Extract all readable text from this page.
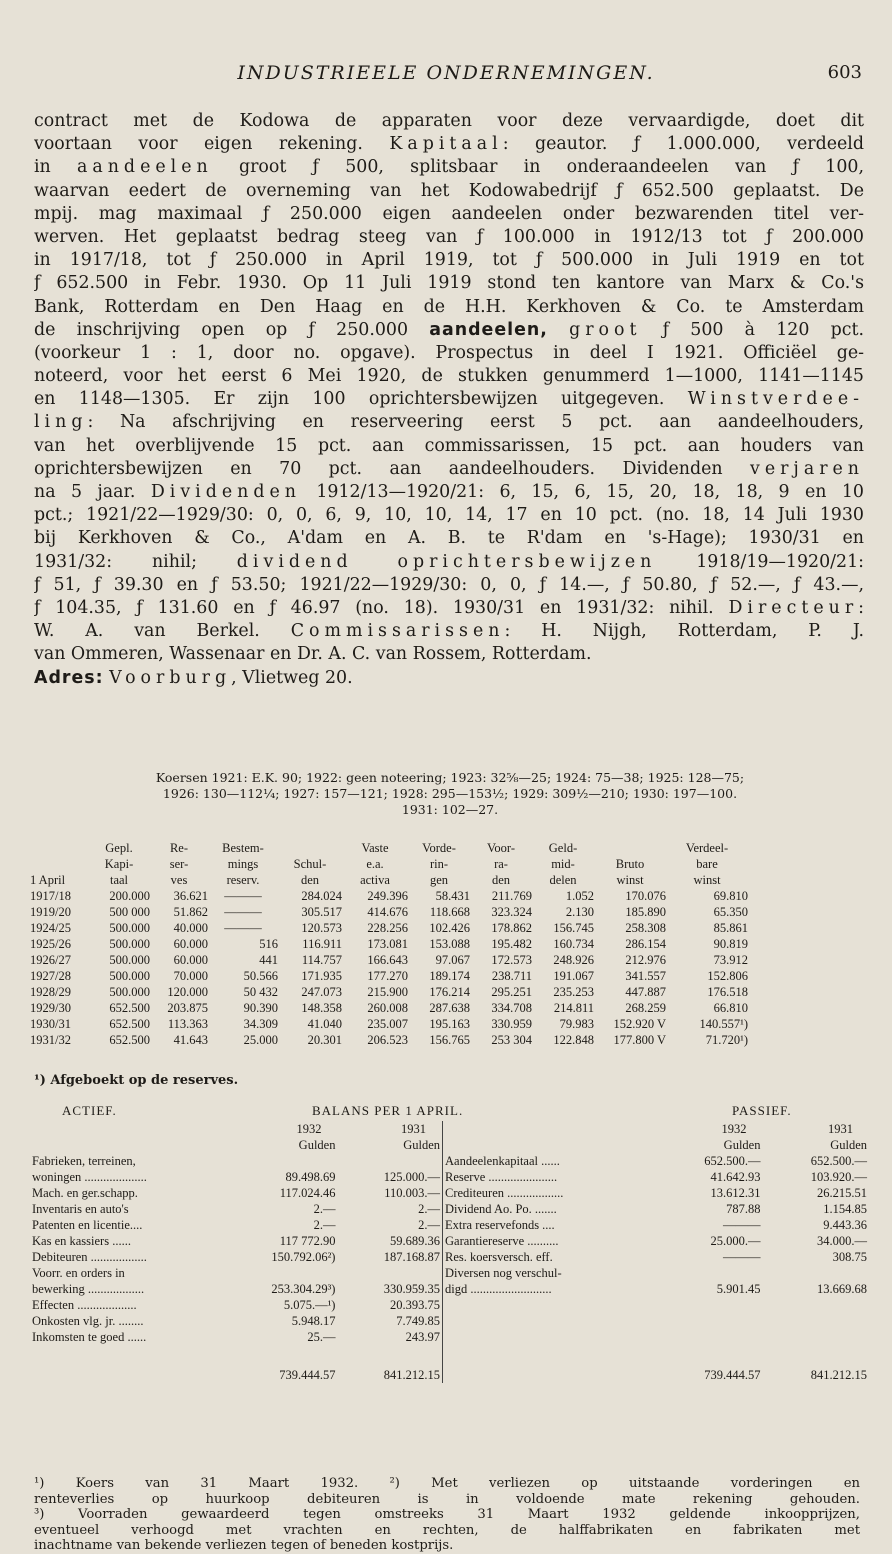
INDUSTRIEELE ONDERNEMINGEN.	603
contract met de Kodowa de apparaten voor deze vervaardigde, doet dit
voortaan voor eigen rekening. Kapitaal: geautor. ƒ 1.000.000, verdeeld
in aandeelen groot ƒ 500, splitsbaar in onderaandeelen van ƒ 100,
waarvan eedert de overneming van het Kodowabedrijf ƒ 652.500 geplaatst. De
mpij. mag maximaal ƒ 250.000 eigen aandeelen onder bezwarenden titel ver-
werven. Het geplaatst bedrag steeg van ƒ 100.000 in 1912/13 tot ƒ 200.000
in 1917/18, tot ƒ 250.000 in April 1919, tot ƒ 500.000 in Juli 1919 en tot
ƒ 652.500 in Febr. 1930. Op 11 Juli 1919 stond ten kantore van Marx & Co.'s
Bank, Rotterdam en Den Haag en de H.H. Kerkhoven & Co. te Amsterdam
de inschrijving open op ƒ 250.000 aandeelen, groot ƒ 500 à 120 pct.
(voorkeur 1 : 1, door no. opgave). Prospectus in deel I 1921. Officiëel ge-
noteerd, voor het eerst 6 Mei 1920, de stukken genummerd 1—1000, 1141—1145
en 1148—1305. Er zijn 100 oprichtersbewijzen uitgegeven. Winstverdee-
ling: Na afschrijving en reserveering eerst 5 pct. aan aandeelhouders,
van het overblijvende 15 pct. aan commissarissen, 15 pct. aan houders van
oprichtersbewijzen en 70 pct. aan aandeelhouders. Dividenden verjaren
na 5 jaar. Dividenden 1912/13—1920/21: 6, 15, 6, 15, 20, 18, 18, 9 en 10
pct.; 1921/22—1929/30: 0, 0, 6, 9, 10, 10, 14, 17 en 10 pct. (no. 18, 14 Juli 1930
bij Kerkhoven & Co., A'dam en A. B. te R'dam en 's-Hage); 1930/31 en
1931/32: nihil; dividend oprichtersbewijzen 1918/19—1920/21:
ƒ 51, ƒ 39.30 en ƒ 53.50; 1921/22—1929/30: 0, 0, ƒ 14.—, ƒ 50.80, ƒ 52.—, ƒ 43.—,
ƒ 104.35, ƒ 131.60 en ƒ 46.97 (no. 18). 1930/31 en 1931/32: nihil. Directeur:
W. A. van Berkel. Commissarissen: H. Nijgh, Rotterdam, P. J.
van Ommeren, Wassenaar en Dr. A. C. van Rossem, Rotterdam.
Adres: Voorburg, Vlietweg 20.
Koersen 1921: E.K. 90; 1922: geen noteering; 1923: 32⅝—25; 1924: 75—38; 1925: 128—75;
1926: 130—112¼; 1927: 157—121; 1928: 295—153½; 1929: 309½—210; 1930: 197—100.
1931: 102—27.
	Gepl.	Re-	Bestem-		Vaste	Vorde-	Voor-	Geld-		Verdeel-
	Kapi-	ser-	mings	Schul-	e.a.	rin-	ra-	mid-	Bruto	bare
1 April	taal	ves	reserv.	den	activa	gen	den	delen	winst	winst
1917/18	200.000	36.621	———	284.024	249.396	58.431	211.769	1.052	170.076	69.810
1919/20	500 000	51.862	———	305.517	414.676	118.668	323.324	2.130	185.890	65.350
1924/25	500.000	40.000	———	120.573	228.256	102.426	178.862	156.745	258.308	85.861
1925/26	500.000	60.000	516	116.911	173.081	153.088	195.482	160.734	286.154	90.819
1926/27	500.000	60.000	441	114.757	166.643	97.067	172.573	248.926	212.976	73.912
1927/28	500.000	70.000	50.566	171.935	177.270	189.174	238.711	191.067	341.557	152.806
1928/29	500.000	120.000	50 432	247.073	215.900	176.214	295.251	235.253	447.887	176.518
1929/30	652.500	203.875	90.390	148.358	260.008	287.638	334.708	214.811	268.259	66.810
1930/31	652.500	113.363	34.309	41.040	235.007	195.163	330.959	79.983	152.920 V	140.557¹)
1931/32	652.500	41.643	25.000	20.301	206.523	156.765	253 304	122.848	177.800 V	71.720¹)
¹) Afgeboekt op de reserves.
ACTIEF.	BALANS PER 1 APRIL.	PASSIEF.
	1932	1931
	Gulden	Gulden
Fabrieken, terreinen,		
woningen ....................	89.498.69	125.000.—
Mach. en ger.schapp.	117.024.46	110.003.—
Inventaris en auto's	2.—	2.—
Patenten en licentie....	2.—	2.—
Kas en kassiers ......	117 772.90	59.689.36
Debiteuren ..................	150.792.06²)	187.168.87
Voorr. en orders in		
bewerking ..................	253.304.29³)	330.959.35
Effecten ...................	5.075.—¹)	20.393.75
Onkosten vlg. jr. ........	5.948.17	7.749.85
Inkomsten te goed ......	25.—	243.97

	739.444.57	841.212.15
	1932	1931
	Gulden	Gulden
Aandeelenkapitaal ......	652.500.—	652.500.—
Reserve ......................	41.642.93	103.920.—
Crediteuren ..................	13.612.31	26.215.51
Dividend Ao. Po. .......	787.88	1.154.85
Extra reservefonds ....	———	9.443.36
Garantiereserve ..........	25.000.—	34.000.—
Res. koersversch. eff.	———	308.75
Diversen nog verschul-		
digd ..........................	5.901.45	13.669.68

	739.444.57	841.212.15
¹) Koers van 31 Maart 1932. ²) Met verliezen op uitstaande vorderingen en
renteverlies op huurkoop debiteuren is in voldoende mate rekening gehouden.
³) Voorraden gewaardeerd tegen omstreeks 31 Maart 1932 geldende inkoopprijzen,
eventueel verhoogd met vrachten en rechten, de halffabrikaten en fabrikaten met
inachtname van bekende verliezen tegen of beneden kostprijs.
